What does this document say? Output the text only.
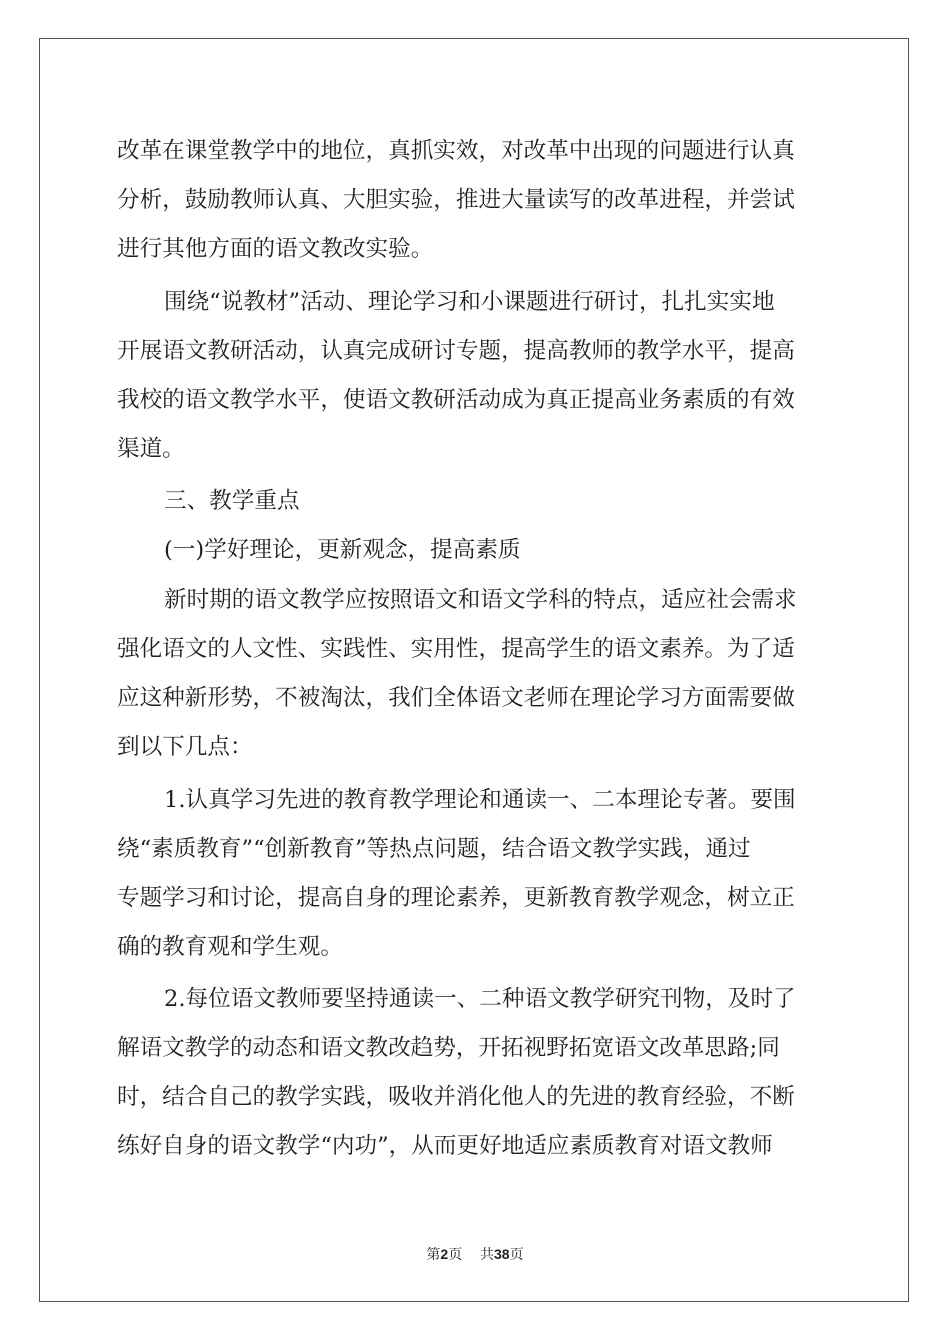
改革在课堂教学中的地位，真抓实效，对改革中出现的问题进行认真
分析，鼓励教师认真、大胆实验，推进大量读写的改革进程，并尝试
进行其他方面的语文教改实验。
围绕“说教材”活动、理论学习和小课题进行研讨，扎扎实实地
开展语文教研活动，认真完成研讨专题，提高教师的教学水平，提高
我校的语文教学水平，使语文教研活动成为真正提高业务素质的有效
渠道。
三、教学重点
(一)学好理论，更新观念，提高素质
新时期的语文教学应按照语文和语文学科的特点，适应社会需求
强化语文的人文性、实践性、实用性，提高学生的语文素养。为了适
应这种新形势，不被淘汰，我们全体语文老师在理论学习方面需要做
到以下几点：
1.认真学习先进的教育教学理论和通读一、二本理论专著。要围
绕“素质教育”“创新教育”等热点问题，结合语文教学实践，通过
专题学习和讨论，提高自身的理论素养，更新教育教学观念，树立正
确的教育观和学生观。
2.每位语文教师要坚持通读一、二种语文教学研究刊物，及时了
解语文教学的动态和语文教改趋势，开拓视野拓宽语文改革思路;同
时，结合自己的教学实践，吸收并消化他人的先进的教育经验，不断
练好自身的语文教学“内功”，从而更好地适应素质教育对语文教师
第2页 共38页
